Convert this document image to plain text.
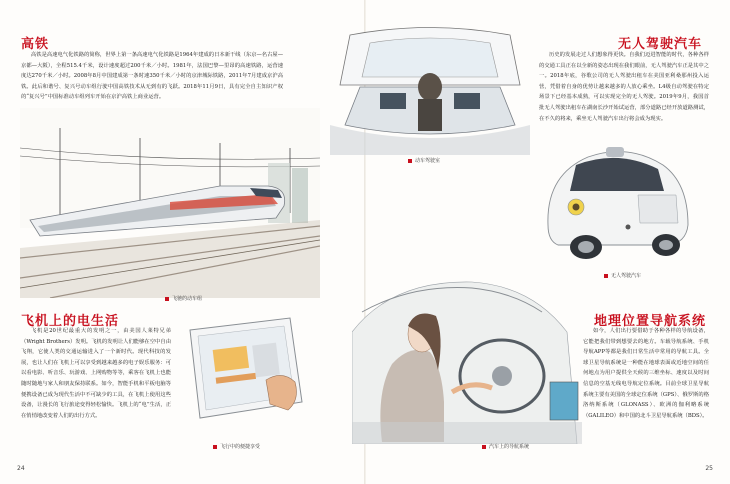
高铁

高铁是高速电气化铁路的简称，世界上第一条高速电气化铁路是1964年建成的日本新干线（东京—名古屋—京都—大阪），全程515.4千米，设计速度超过200千米／小时。1981年，法国巴黎—里昂的高速铁路，运营速度达270千米／小时。2008年8月中国建成第一条时速350千米／小时的京津城际铁路，2011年7月建成京沪高铁。此后和谐号、复兴号动车组行驶中国高铁技术从无到有的飞跃。2018年11月9日，具有完全自主知识产权的“复兴号”中国标准动车组列车开始在京沪高铁上商业运营。

飞驰的动车组
动车驾驶室
无人驾驶汽车

历史的发展走过人们想象得更快。自我们迈进智能的时代，各种各样的交通工具正在以全新的姿态出现在我们眼前，无人驾驶汽车正是其中之一。2018年底，谷歌公司的无人驾驶出租车在美国亚利桑那州投入运营，凭借着自身的优势让越来越多的人放心乘坐。L4级自动驾驶在特定场景下已经基本成熟，可以实现完全的无人驾驶。2019年9月，我国首批无人驾驶出租车在湖南长沙开始试运营，部分道路已经开放道路测试，在不久的将来，乘坐无人驾驶汽车出行将会成为现实。

无人驾驶汽车
飞机上的电生活

飞机是20世纪最重大的发明之一，由美国人莱特兄弟（Wright Brothers）发明。飞机的发明让人们能够在空中自由飞翔，它使人类的交通运输进入了一个新时代。现代科技的发展，也让人们在飞机上可以享受到越来越多的电子娱乐服务：可以看电影、听音乐、玩游戏、上网购物等等，乘客在飞机上也能随时随地与家人和朋友保持联系。如今，智能手机和平板电脑等便携设备已成为现代生活中不可缺少的工具，在飞机上使用这些设备，让漫长的飞行旅途变得轻松愉快。飞机上的“电”生活，正在悄悄地改变着人们的出行方式。

飞行中的便捷享受	汽车上的导航系统
地理位置导航系统

如今，人们出行要借助于各种各样的导航设备，它能把我们带到想要去的地方。车载导航系统、手机导航APP等都是我们日常生活中常用的导航工具。全球卫星导航系统是一种能在地球表面或近地空间的任何地点为用户提供全天候的三维坐标、速度以及时间信息的空基无线电导航定位系统。目前全球卫星导航系统主要有美国的全球定位系统（GPS）、俄罗斯的格洛纳斯系统（GLONASS）、欧洲的伽利略系统（GALILEO）和中国的北斗卫星导航系统（BDS）。

24	25
